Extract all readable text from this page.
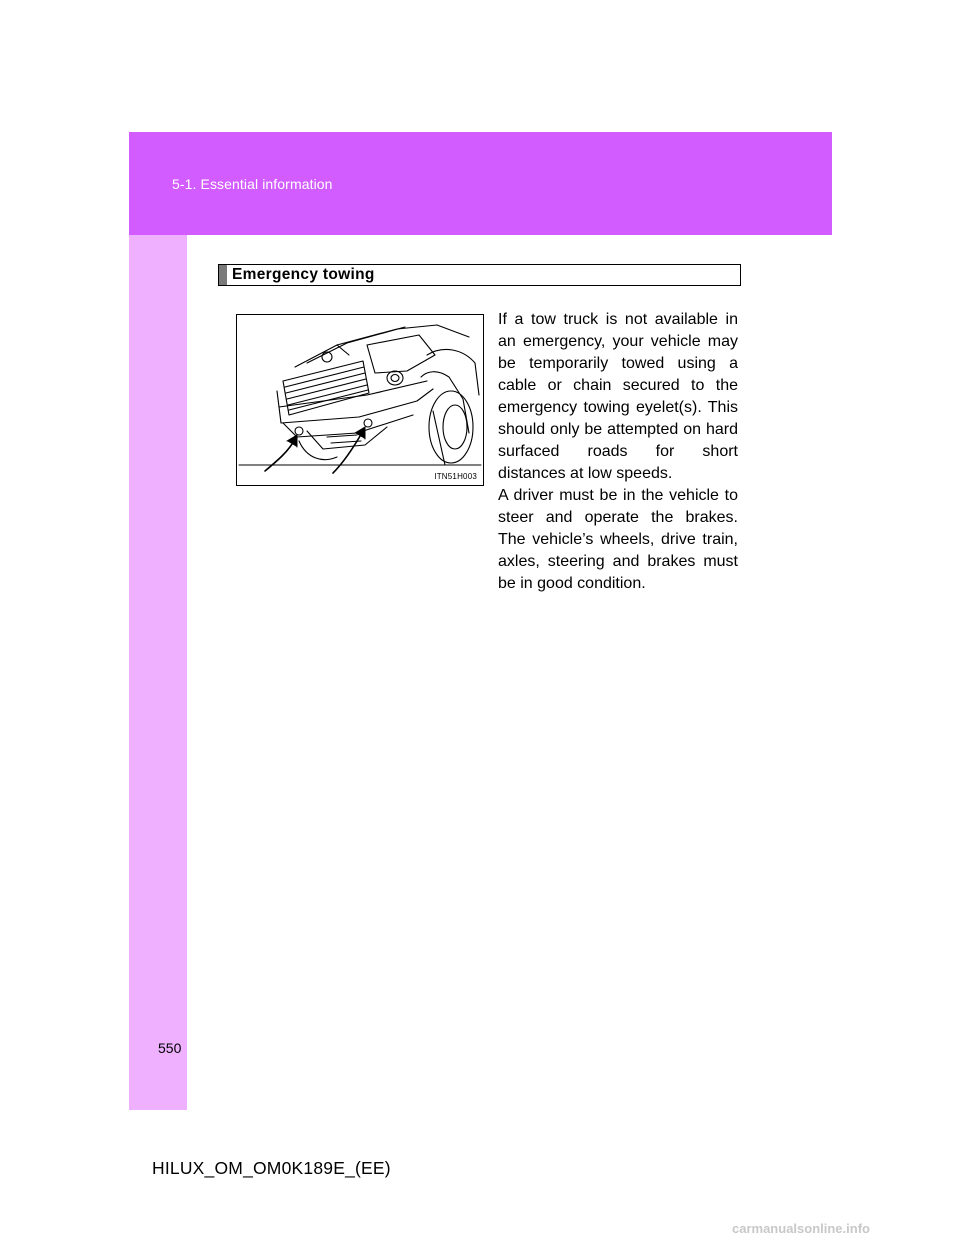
5-1. Essential information
Emergency towing
ITN51H003

If a tow truck is not available in an emergency, your vehicle may be temporarily towed using a cable or chain secured to the emergency towing eyelet(s). This should only be attempted on hard surfaced roads for short distances at low speeds.

A driver must be in the vehicle to steer and operate the brakes. The vehicle’s wheels, drive train, axles, steering and brakes must be in good condition.

550
HILUX_OM_OM0K189E_(EE)
carmanualsonline.info
